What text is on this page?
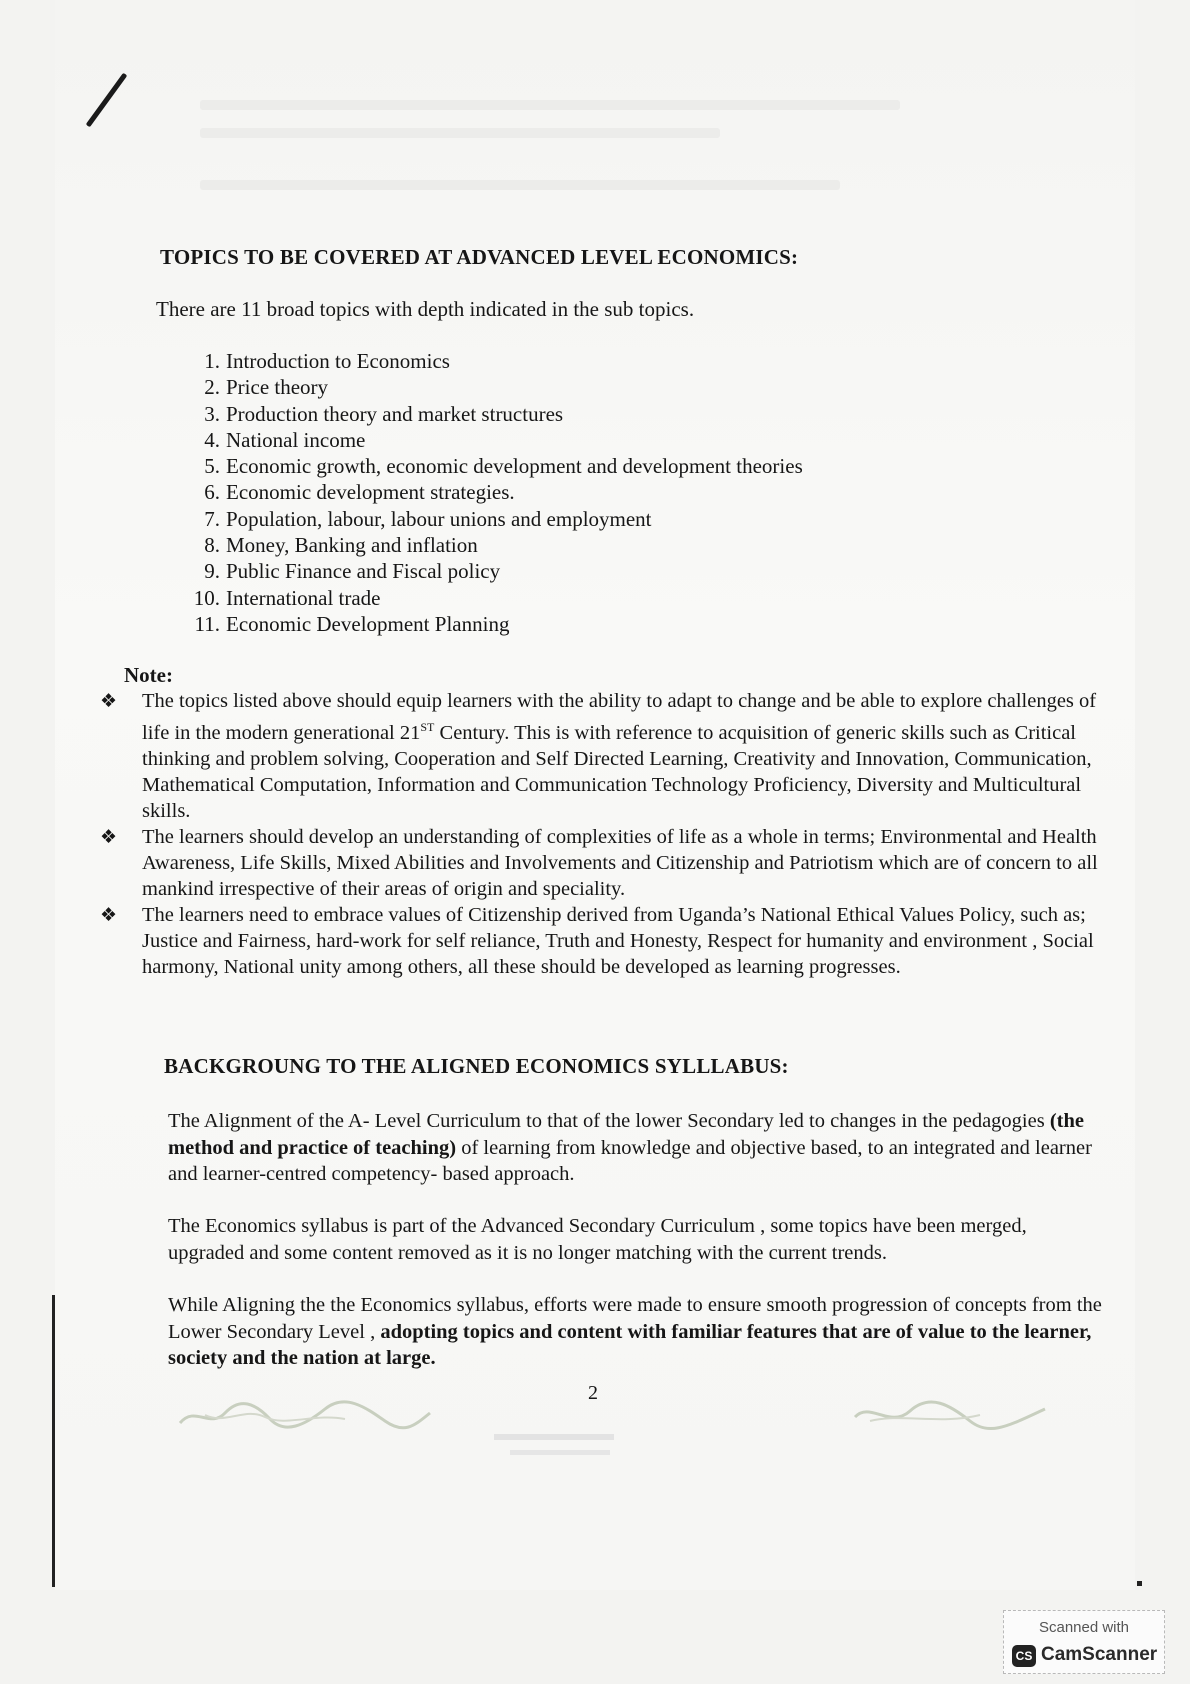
TOPICS TO BE COVERED AT ADVANCED LEVEL ECONOMICS:
There are 11 broad topics with depth indicated in the sub topics.
1. Introduction to Economics
2. Price theory
3. Production theory and market structures
4. National income
5. Economic growth, economic development and development theories
6. Economic development strategies.
7. Population, labour, labour unions and employment
8. Money, Banking and inflation
9. Public Finance and Fiscal policy
10. International trade
11. Economic Development Planning
Note:
❖ The topics listed above should equip learners with the ability to adapt to change and be able to explore challenges of life in the modern generational 21ST Century. This is with reference to acquisition of generic skills such as Critical thinking and problem solving, Cooperation and Self Directed Learning, Creativity and Innovation, Communication, Mathematical Computation, Information and Communication Technology Proficiency, Diversity and Multicultural skills.
❖ The learners should develop an understanding of complexities of life as a whole in terms; Environmental and Health Awareness, Life Skills, Mixed Abilities and Involvements and Citizenship and Patriotism which are of concern to all mankind irrespective of their areas of origin and speciality.
❖ The learners need to embrace values of Citizenship derived from Uganda’s National Ethical Values Policy, such as; Justice and Fairness, hard-work for self reliance, Truth and Honesty, Respect for humanity and environment , Social harmony, National unity among others, all these should be developed as learning progresses.
BACKGROUNG TO THE ALIGNED ECONOMICS SYLLLABUS:
The Alignment of the A- Level Curriculum to that of the lower Secondary led to changes in the pedagogies (the method and practice of teaching) of learning from knowledge and objective based, to an integrated and learner and learner-centred competency- based approach.
The Economics syllabus is part of the Advanced Secondary Curriculum , some topics have been merged, upgraded and some content removed as it is no longer matching with the current trends.
While Aligning the the Economics syllabus, efforts were made to ensure smooth progression of concepts from the Lower Secondary Level , adopting topics and content with familiar features that are of value to the learner, society and the nation at large.
2
Scanned with
CS CamScanner
